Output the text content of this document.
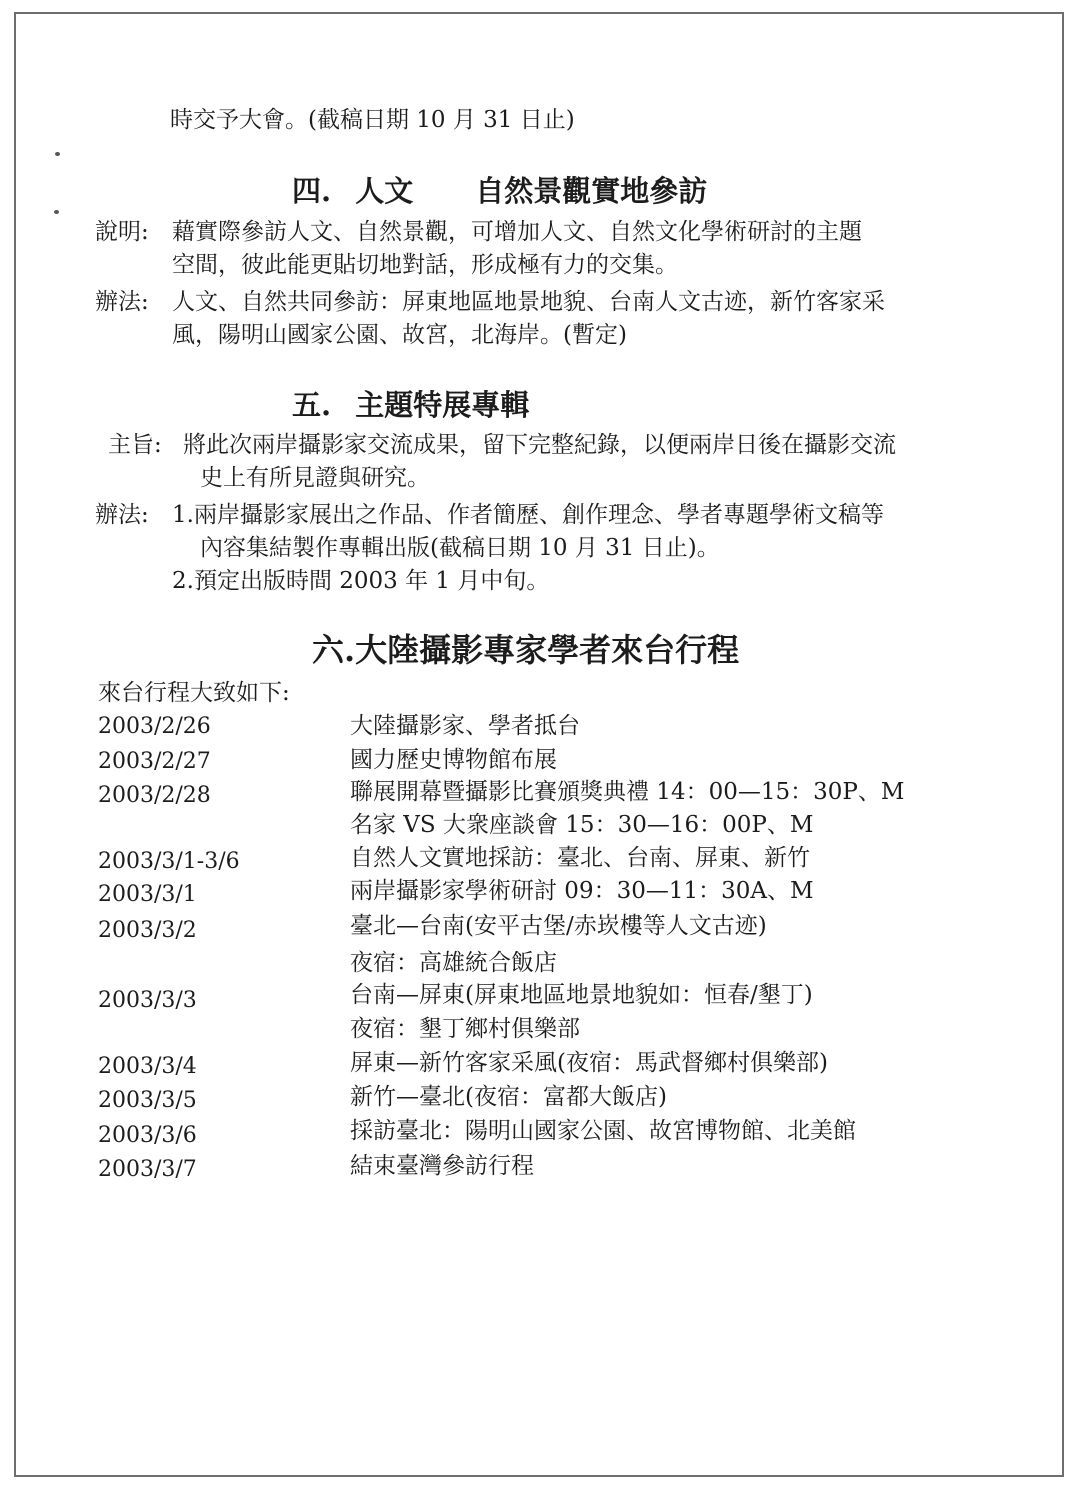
時交予大會。(截稿日期 10 月 31 日止)
四. 人文 自然景觀實地參訪
說明: 藉實際參訪人文、自然景觀，可增加人文、自然文化學術研討的主題
空間，彼此能更貼切地對話，形成極有力的交集。
辦法: 人文、自然共同參訪：屏東地區地景地貌、台南人文古迹，新竹客家采
風，陽明山國家公園、故宮，北海岸。(暫定)
五. 主題特展專輯
主旨: 將此次兩岸攝影家交流成果，留下完整紀錄，以便兩岸日後在攝影交流
史上有所見證與研究。
辦法: 1.兩岸攝影家展出之作品、作者簡歷、創作理念、學者專題學術文稿等
內容集結製作專輯出版(截稿日期 10 月 31 日止)。
2.預定出版時間 2003 年 1 月中旬。
六.大陸攝影專家學者來台行程
來台行程大致如下:
2003/2/26	大陸攝影家、學者抵台
2003/2/27	國力歷史博物館布展
2003/2/28	聯展開幕暨攝影比賽頒獎典禮 14：00—15：30P、M
名家 VS 大衆座談會 15：30—16：00P、M
2003/3/1-3/6	自然人文實地採訪：臺北、台南、屏東、新竹
2003/3/1	兩岸攝影家學術研討 09：30—11：30A、M
2003/3/2	臺北—台南(安平古堡/赤崁樓等人文古迹)
夜宿：高雄統合飯店
2003/3/3	台南—屏東(屏東地區地景地貌如：恒春/墾丁)
夜宿：墾丁鄉村俱樂部
2003/3/4	屏東—新竹客家采風(夜宿：馬武督鄉村俱樂部)
2003/3/5	新竹—臺北(夜宿：富都大飯店)
2003/3/6	採訪臺北：陽明山國家公園、故宮博物館、北美館
2003/3/7	結束臺灣參訪行程
